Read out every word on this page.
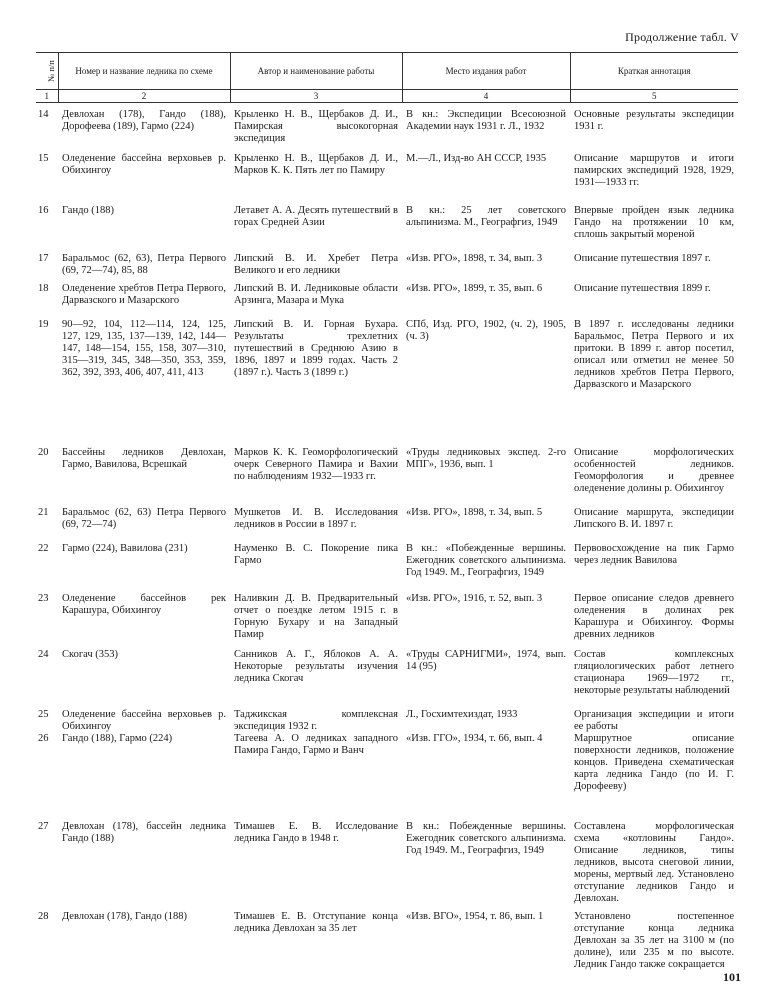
Продолжение табл. V
№ п/п	Номер и название ледника по схеме	Автор и наименование работы	Место издания работ	Краткая аннотация
1	2	3	4	5
14	Девлохан (178), Гандо (188), Дорофеева (189), Гармо (224)	Крыленко Н. В., Щербаков Д. И., Памирская высокогорная экспедиция	В кн.: Экспедиции Всесоюзной Академии наук 1931 г. Л., 1932	Основные результаты экспедиции 1931 г.
15	Оледенение бассейна верховьев р. Обихингоу	Крыленко Н. В., Щербаков Д. И., Марков К. К. Пять лет по Памиру	М.—Л., Изд-во АН СССР, 1935	Описание маршрутов и итоги памирских экспедиций 1928, 1929, 1931—1933 гг.
16	Гандо (188)	Летавет А. А. Десять путешествий в горах Средней Азии	В кн.: 25 лет советского альпинизма. М., Географгиз, 1949	Впервые пройден язык ледника Гандо на протяжении 10 км, сплошь закрытый мореной
17	Баральмос (62, 63), Петра Первого (69, 72—74), 85, 88	Липский В. И. Хребет Петра Великого и его ледники	«Изв. РГО», 1898, т. 34, вып. 3	Описание путешествия 1897 г.
18	Оледенение хребтов Петра Первого, Дарвазского и Мазарского	Липский В. И. Ледниковые области Арзинга, Мазара и Мука	«Изв. РГО», 1899, т. 35, вып. 6	Описание путешествия 1899 г.
19	90—92, 104, 112—114, 124, 125, 127, 129, 135, 137—139, 142, 144—147, 148—154, 155, 158, 307—310, 315—319, 345, 348—350, 353, 359, 362, 392, 393, 406, 407, 411, 413	Липский В. И. Горная Бухара. Результаты трехлетних путешествий в Среднюю Азию в 1896, 1897 и 1899 годах. Часть 2 (1897 г.). Часть 3 (1899 г.)	СПб, Изд. РГО, 1902, (ч. 2), 1905, (ч. 3)	В 1897 г. исследованы ледники Баральмос, Петра Первого и их притоки. В 1899 г. автор посетил, описал или отметил не менее 50 ледников хребтов Петра Первого, Дарвазского и Мазарского
20	Бассейны ледников Девлохан, Гармо, Вавилова, Всрешкай	Марков К. К. Геоморфологический очерк Северного Памира и Вахии по наблюдениям 1932—1933 гг.	«Труды ледниковых экспед. 2-го МПГ», 1936, вып. 1	Описание морфологических особенностей ледников. Геоморфология и древнее оледенение долины р. Обихингоу
21	Баральмос (62, 63) Петра Первого (69, 72—74)	Мушкетов И. В. Исследования ледников в России в 1897 г.	«Изв. РГО», 1898, т. 34, вып. 5	Описание маршрута, экспедиции Липского В. И. 1897 г.
22	Гармо (224), Вавилова (231)	Науменко В. С. Покорение пика Гармо	В кн.: «Побежденные вершины. Ежегодник советского альпинизма. Год 1949. М., Географгиз, 1949	Первовосхождение на пик Гармо через ледник Вавилова
23	Оледенение бассейнов рек Карашура, Обихингоу	Наливкин Д. В. Предварительный отчет о поездке летом 1915 г. в Горную Бухару и на Западный Памир	«Изв. РГО», 1916, т. 52, вып. 3	Первое описание следов древнего оледенения в долинах рек Карашура и Обихингоу. Формы древних ледников
24	Скогач (353)	Санников А. Г., Яблоков А. А. Некоторые результаты изучения ледника Скогач	«Труды САРНИГМИ», 1974, вып. 14 (95)	Состав комплексных гляциологических работ летнего стационара 1969—1972 гг., некоторые результаты наблюдений
25	Оледенение бассейна верховьев р. Обихингоу	Таджикская комплексная экспедиция 1932 г.	Л., Госхимтехиздат, 1933	Организация экспедиции и итоги ее работы
26	Гандо (188), Гармо (224)	Тагеева А. О ледниках западного Памира Гандо, Гармо и Ванч	«Изв. ГГО», 1934, т. 66, вып. 4	Маршрутное описание поверхности ледников, положение концов. Приведена схематическая карта ледника Гандо (по И. Г. Дорофееву)
27	Девлохан (178), бассейн ледника Гандо (188)	Тимашев Е. В. Исследование ледника Гандо в 1948 г.	В кн.: Побежденные вершины. Ежегодник советского альпинизма. Год 1949. М., Географгиз, 1949	Составлена морфологическая схема «котловины Гандо». Описание ледников, типы ледников, высота снеговой линии, морены, мертвый лед. Установлено отступание ледников Гандо и Девлохан.
28	Девлохан (178), Гандо (188)	Тимашев Е. В. Отступание конца ледника Девлохан за 35 лет	«Изв. ВГО», 1954, т. 86, вып. 1	Установлено постепенное отступание конца ледника Девлохан за 35 лет на 3100 м (по долине), или 235 м по высоте. Ледник Гандо также сокращается
101
